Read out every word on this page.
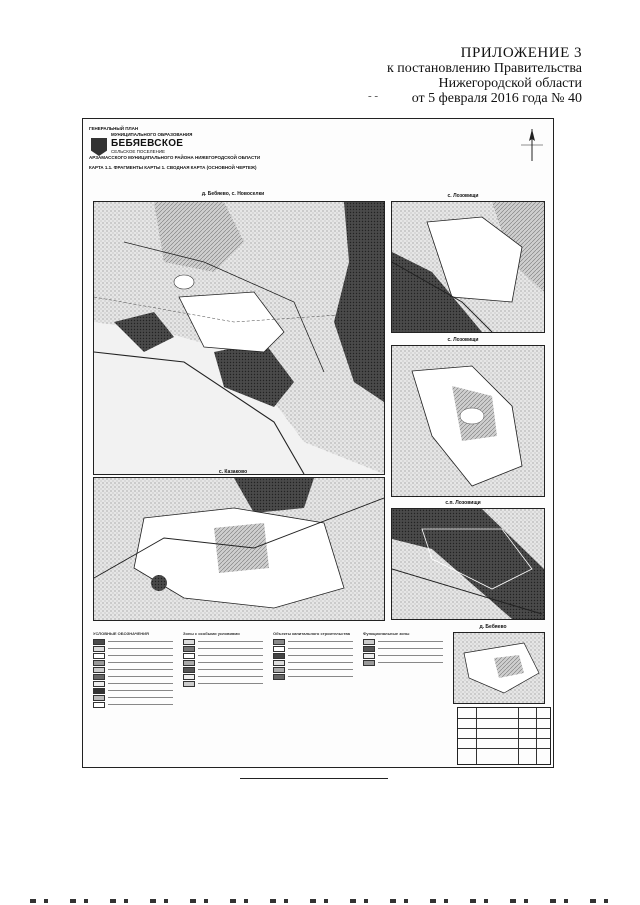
ПРИЛОЖЕНИЕ 3
к постановлению Правительства
Нижегородской области
от 5 февраля 2016 года № 40
- -
ГЕНЕРАЛЬНЫЙ ПЛАН
МУНИЦИПАЛЬНОГО ОБРАЗОВАНИЯ
БЕБЯЕВСКОЕ
СЕЛЬСКОЕ ПОСЕЛЕНИЕ
АРЗАМАССКОГО МУНИЦИПАЛЬНОГО РАЙОНА НИЖЕГОРОДСКОЙ ОБЛАСТИ
КАРТА 1.1. ФРАГМЕНТЫ КАРТЫ 1. СВОДНАЯ КАРТА (ОСНОВНОЙ ЧЕРТЕЖ)
д. Бебяево, с. Новоселки	с. Лозовищи
с. Лозовищи
с. Казаково
с.п. Лозовищи
УСЛОВНЫЕ ОБОЗНАЧЕНИЯ	Зоны с особыми условиями	Объекты капитального строительства	Функциональные зоны
д. Бебяево
